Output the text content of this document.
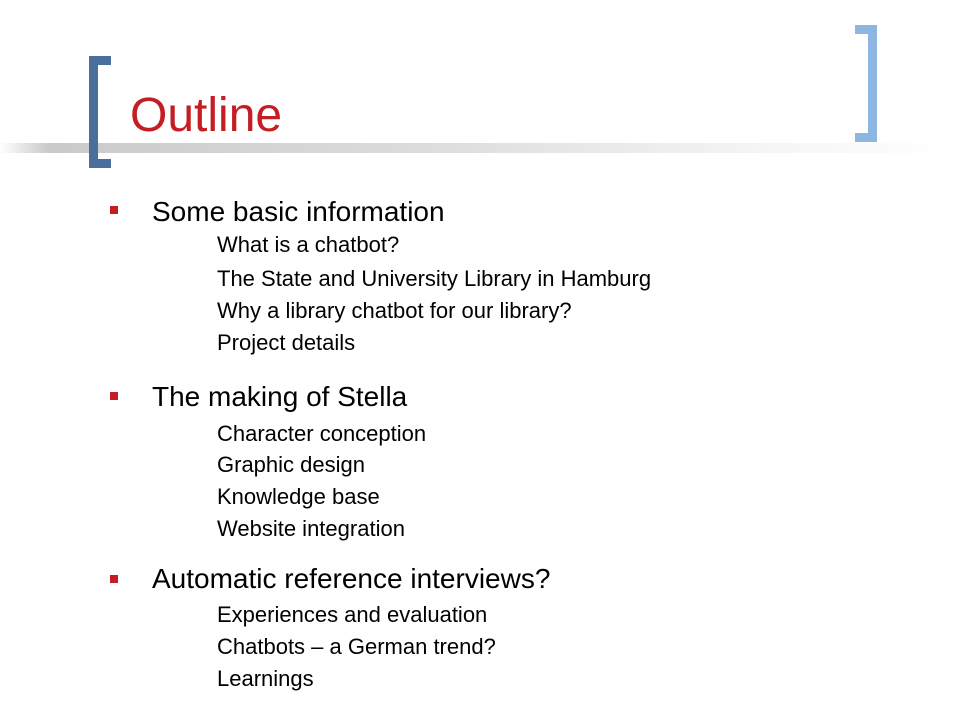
Outline
Some basic information
What is a chatbot?
The State and University Library in Hamburg
Why a library chatbot for our library?
Project details
The making of Stella
Character conception
Graphic design
Knowledge base
Website integration
Automatic reference interviews?
Experiences and evaluation
Chatbots – a German trend?
Learnings
